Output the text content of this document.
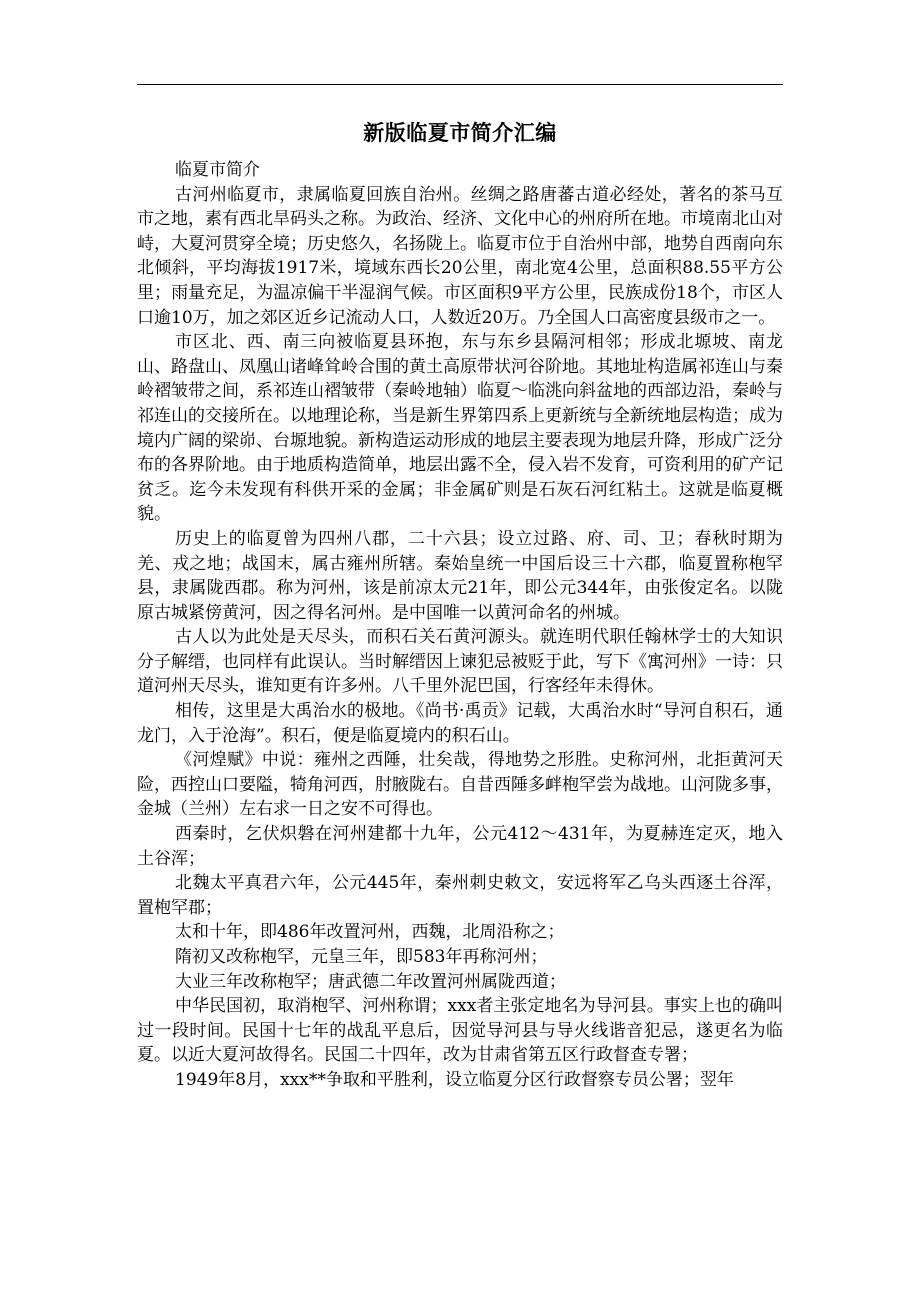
新版临夏市简介汇编

临夏市简介

古河州临夏市，隶属临夏回族自治州。丝绸之路唐蕃古道必经处，著名的茶马互市之地，素有西北旱码头之称。为政治、经济、文化中心的州府所在地。市境南北山对峙，大夏河贯穿全境；历史悠久，名扬陇上。临夏市位于自治州中部，地势自西南向东北倾斜，平均海拔1917米，境域东西长20公里，南北宽4公里，总面积88.55平方公里；雨量充足，为温凉偏干半湿润气候。市区面积9平方公里，民族成份18个，市区人口逾10万，加之郊区近乡记流动人口，人数近20万。乃全国人口高密度县级市之一。

市区北、西、南三向被临夏县环抱，东与东乡县隔河相邻；形成北塬坡、南龙山、路盘山、凤凰山诸峰耸岭合围的黄土高原带状河谷阶地。其地址构造属祁连山与秦岭褶皱带之间，系祁连山褶皱带（秦岭地轴）临夏～临洮向斜盆地的西部边沿，秦岭与祁连山的交接所在。以地理论称，当是新生界第四系上更新统与全新统地层构造；成为境内广阔的梁峁、台塬地貌。新构造运动形成的地层主要表现为地层升降，形成广泛分布的各界阶地。由于地质构造简单，地层出露不全，侵入岩不发育，可资利用的矿产记贫乏。迄今未发现有科供开采的金属；非金属矿则是石灰石河红粘土。这就是临夏概貌。

历史上的临夏曾为四州八郡，二十六县；设立过路、府、司、卫；春秋时期为羌、戎之地；战国末，属古雍州所辖。秦始皇统一中国后设三十六郡，临夏置称枹罕县，隶属陇西郡。称为河州，该是前凉太元21年，即公元344年，由张俊定名。以陇原古城紧傍黄河，因之得名河州。是中国唯一以黄河命名的州城。

古人以为此处是天尽头，而积石关石黄河源头。就连明代职任翰林学士的大知识分子解缙，也同样有此误认。当时解缙因上谏犯忌被贬于此，写下《寓河州》一诗：只道河州天尽头，谁知更有许多州。八千里外泥巴国，行客经年未得休。

相传，这里是大禹治水的极地。《尚书·禹贡》记载，大禹治水时“导河自积石，通龙门，入于沧海”。积石，便是临夏境内的积石山。

《河煌赋》中说：雍州之西陲，壮矣哉，得地势之形胜。史称河州，北拒黄河天险，西控山口要隘，犄角河西，肘腋陇右。自昔西陲多衅枹罕尝为战地。山河陇多事，金城（兰州）左右求一日之安不可得也。

西秦时，乞伏炽磐在河州建都十九年，公元412～431年，为夏赫连定灭，地入土谷浑；

北魏太平真君六年，公元445年，秦州刺史敕文，安远将军乙乌头西逐土谷浑，置枹罕郡；

太和十年，即486年改置河州，西魏，北周沿称之；

隋初又改称枹罕，元皇三年，即583年再称河州；

大业三年改称枹罕；唐武德二年改置河州属陇西道；

中华民国初，取消枹罕、河州称谓；xxx者主张定地名为导河县。事实上也的确叫过一段时间。民国十七年的战乱平息后，因觉导河县与导火线谐音犯忌，遂更名为临夏。以近大夏河故得名。民国二十四年，改为甘肃省第五区行政督查专署；

1949年8月，xxx**争取和平胜利，设立临夏分区行政督察专员公署；翌年
